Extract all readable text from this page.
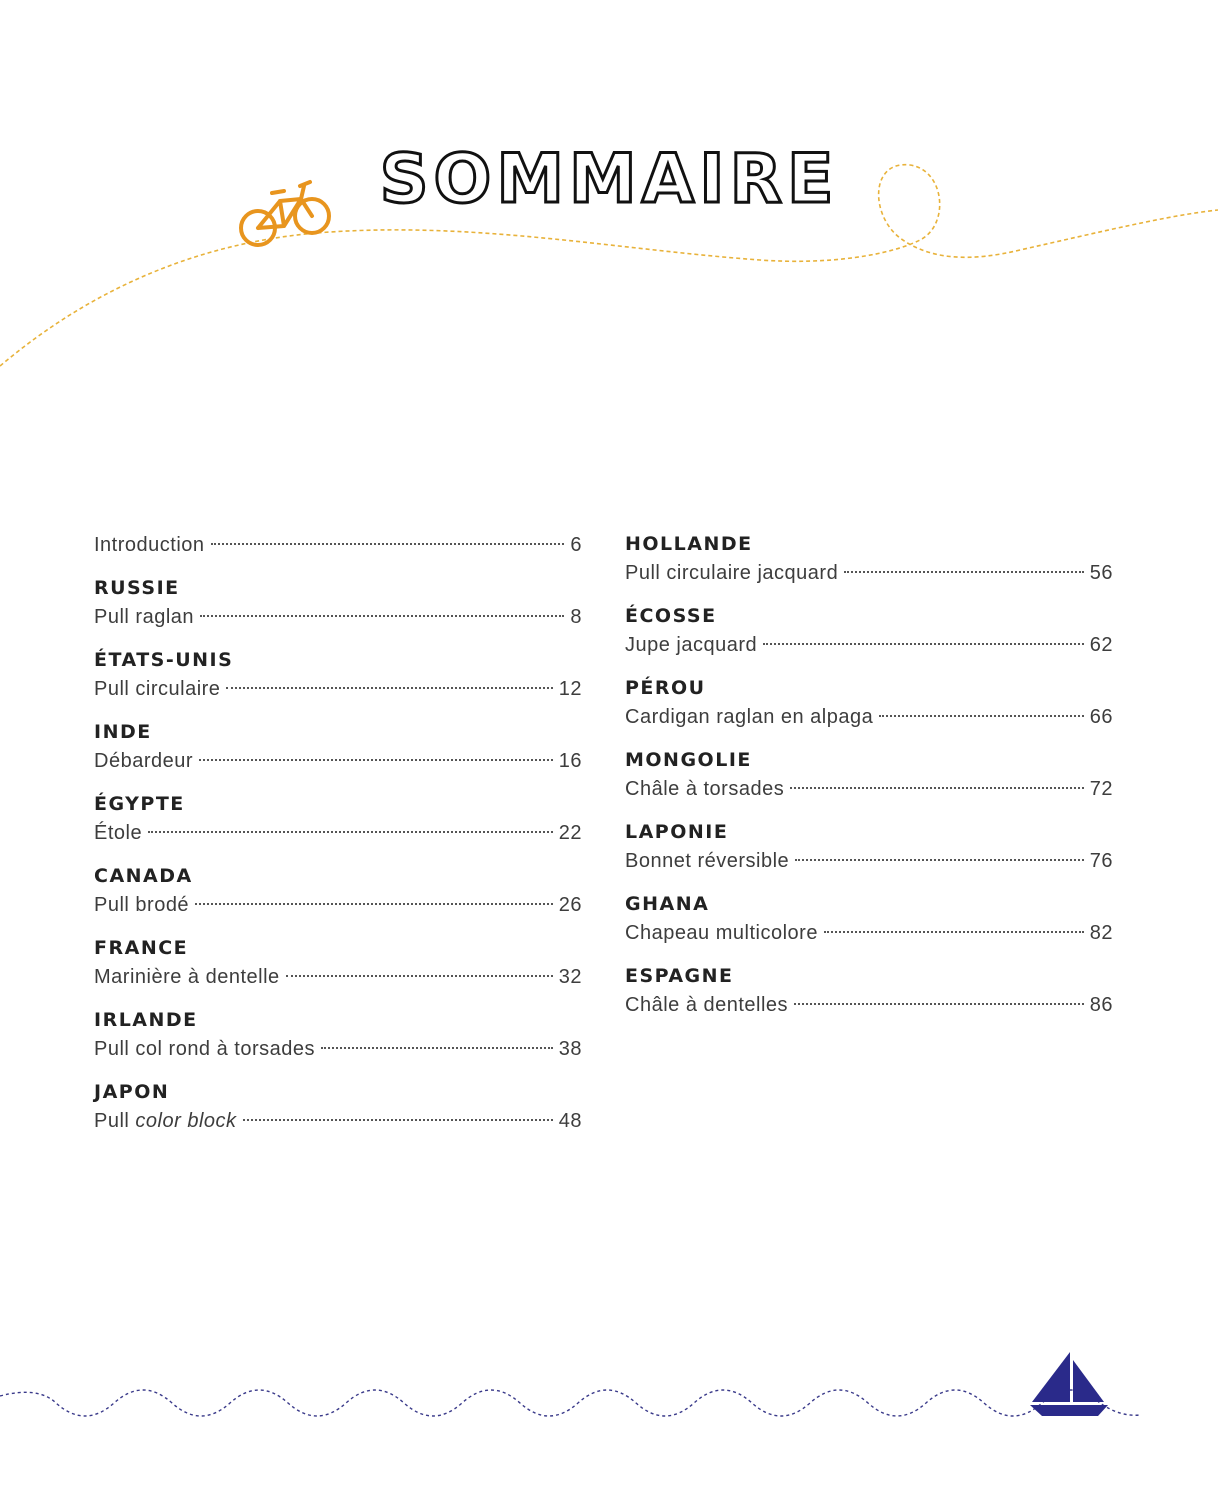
SOMMAIRE
Introduction	6
RUSSIE
Pull raglan	8
ÉTATS-UNIS
Pull circulaire	12
INDE
Débardeur	16
ÉGYPTE
Étole	22
CANADA
Pull brodé	26
FRANCE
Marinière à dentelle	32
IRLANDE
Pull col rond à torsades	38
JAPON
Pull color block	48
HOLLANDE
Pull circulaire jacquard	56
ÉCOSSE
Jupe jacquard	62
PÉROU
Cardigan raglan en alpaga	66
MONGOLIE
Châle à torsades	72
LAPONIE
Bonnet réversible	76
GHANA
Chapeau multicolore	82
ESPAGNE
Châle à dentelles	86
